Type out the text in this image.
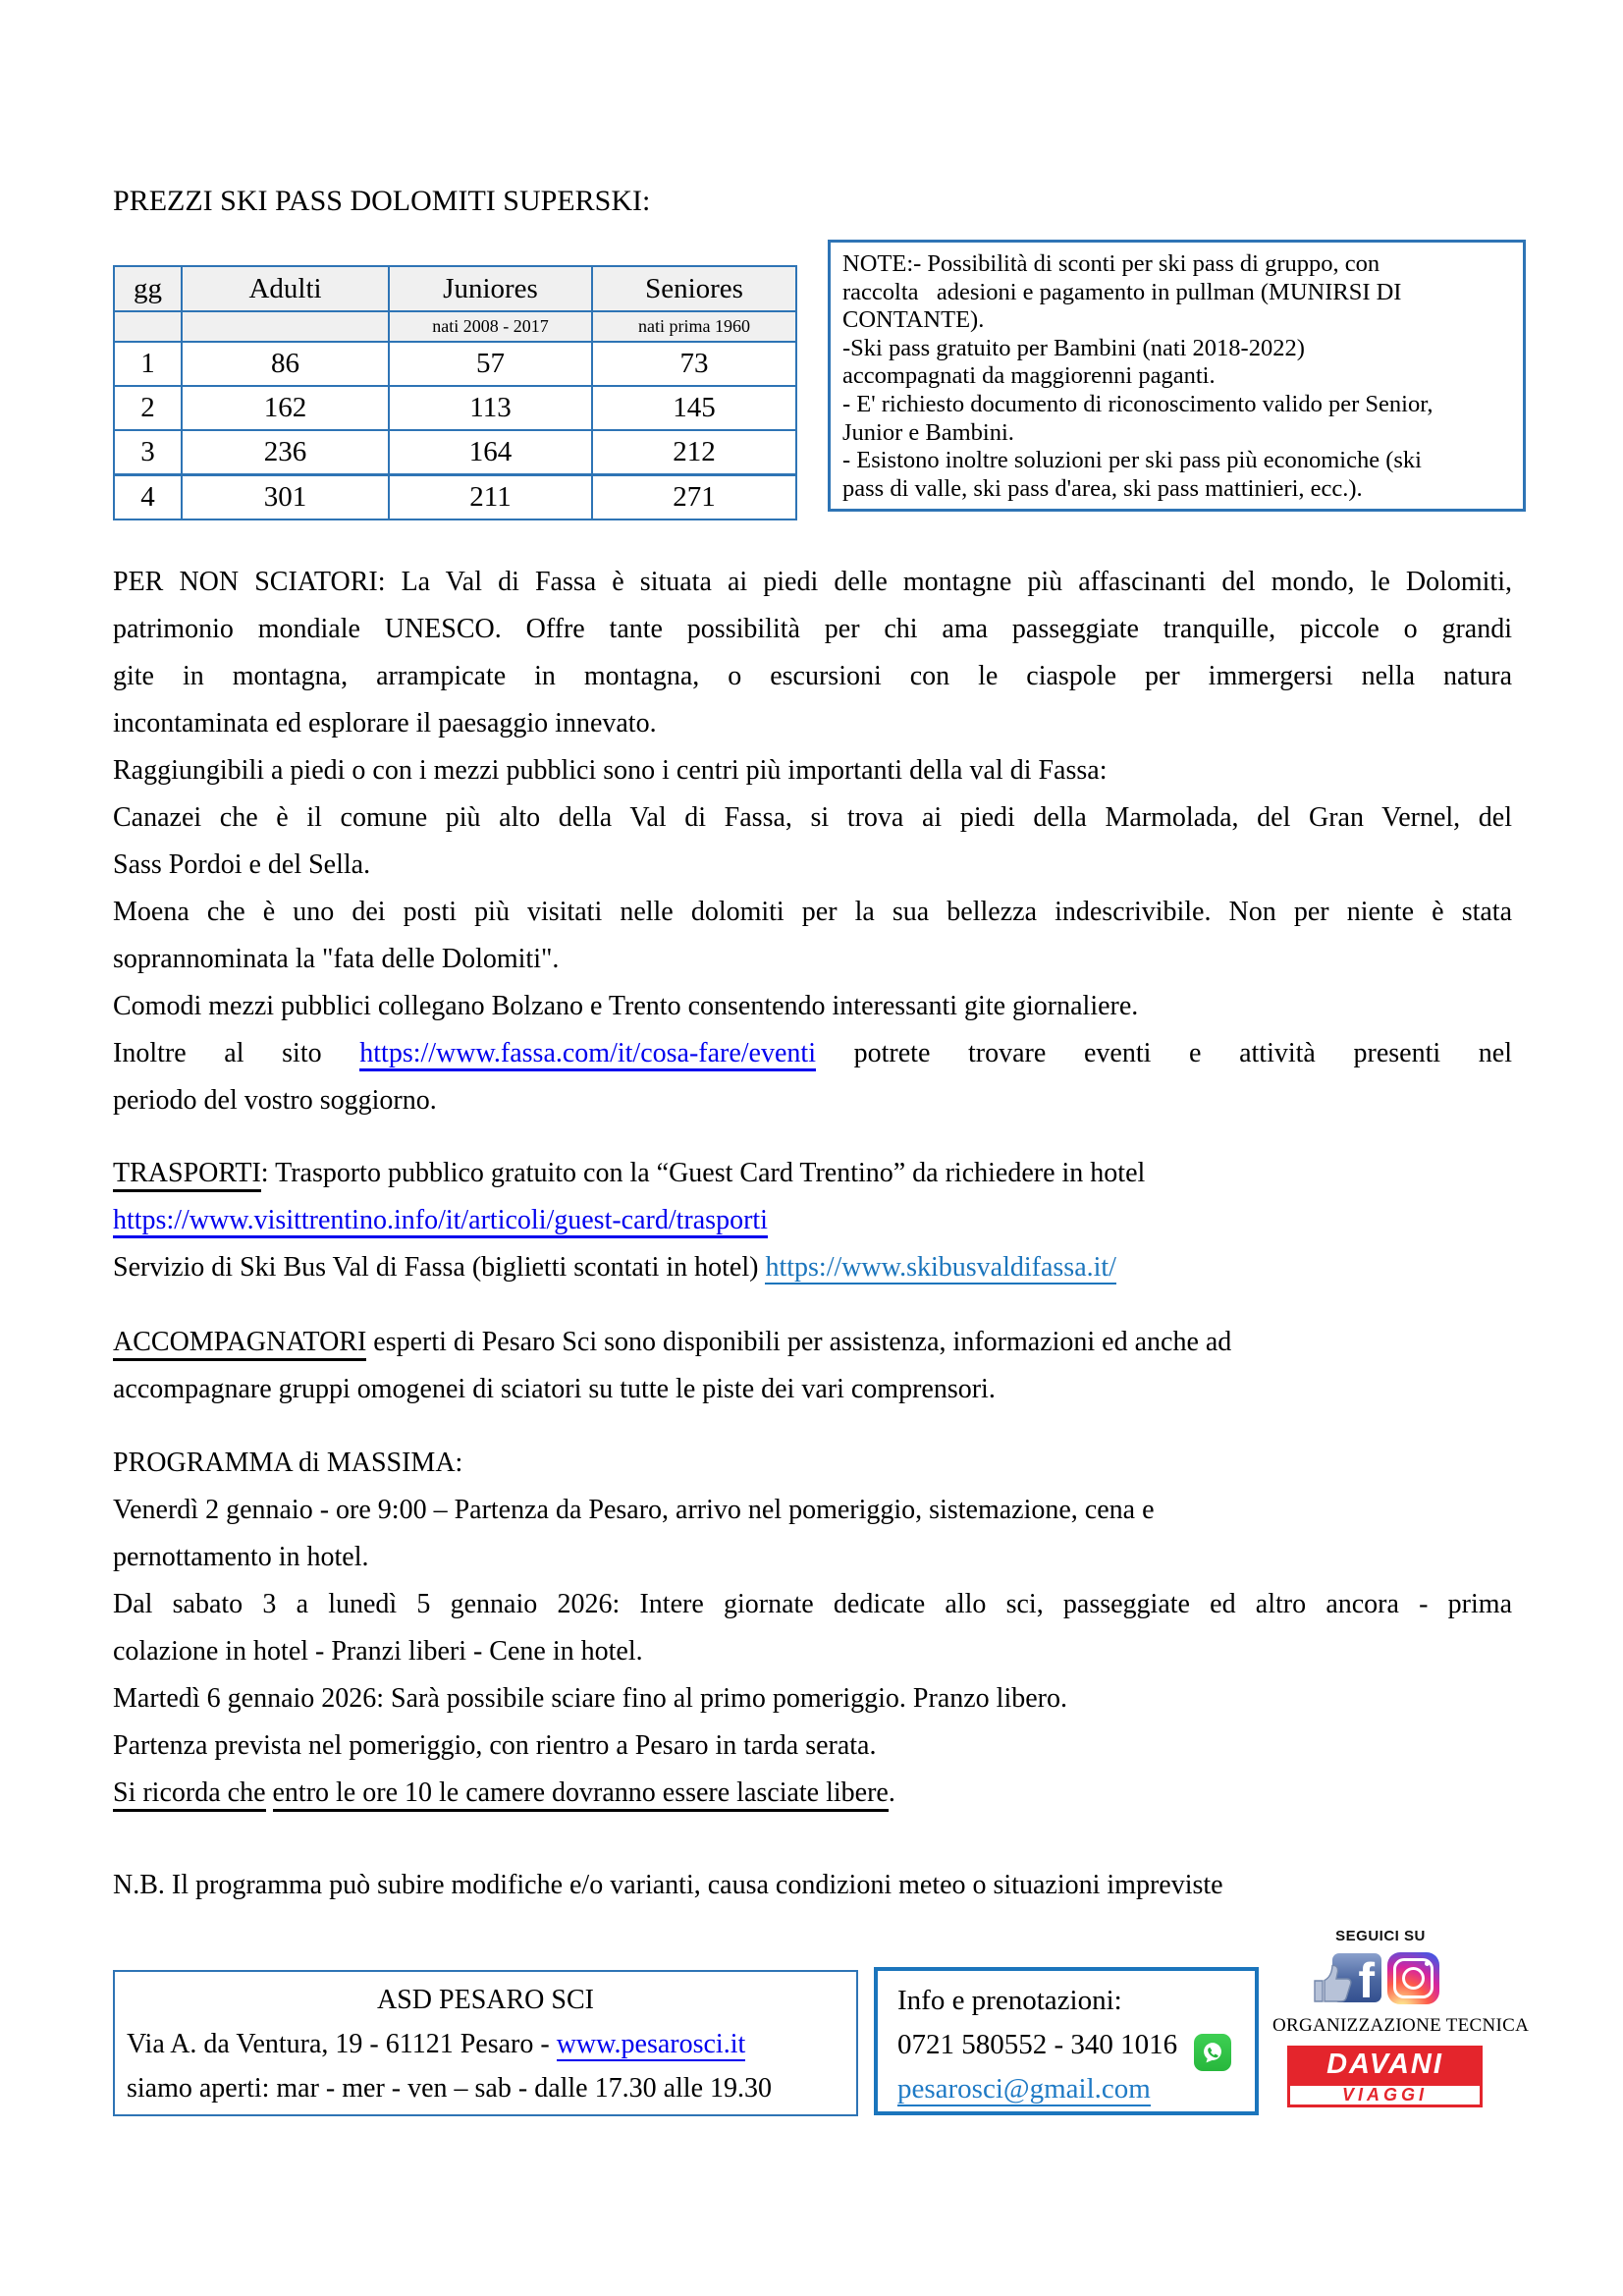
PREZZI SKI PASS DOLOMITI SUPERSKI:
gg	Adulti	Juniores	Seniores
		nati 2008 - 2017	nati prima 1960
1	86	57	73
2	162	113	145
3	236	164	212
4	301	211	271
NOTE:- Possibilità di sconti per ski pass di gruppo, con
raccolta   adesioni e pagamento in pullman (MUNIRSI DI
CONTANTE).
-Ski pass gratuito per Bambini (nati 2018-2022)
accompagnati da maggiorenni paganti.
- E' richiesto documento di riconoscimento valido per Senior,
Junior e Bambini.
- Esistono inoltre soluzioni per ski pass più economiche (ski
pass di valle, ski pass d'area, ski pass mattinieri, ecc.).
PER NON SCIATORI: La Val di Fassa è situata ai piedi delle montagne più affascinanti del mondo, le Dolomiti,
patrimonio mondiale UNESCO. Offre tante possibilità per chi ama passeggiate tranquille, piccole o grandi
gite in montagna, arrampicate in montagna, o escursioni con le ciaspole per immergersi nella natura
incontaminata ed esplorare il paesaggio innevato.
Raggiungibili a piedi o con i mezzi pubblici sono i centri più importanti della val di Fassa:
Canazei che è il comune più alto della Val di Fassa, si trova ai piedi della Marmolada, del Gran Vernel, del
Sass Pordoi e del Sella.
Moena che è uno dei posti più visitati nelle dolomiti per la sua bellezza indescrivibile. Non per niente è stata
soprannominata la "fata delle Dolomiti".
Comodi mezzi pubblici collegano Bolzano e Trento consentendo interessanti gite giornaliere.
Inoltre al sito https://www.fassa.com/it/cosa-fare/eventi potrete trovare eventi e attività presenti nel
periodo del vostro soggiorno.
TRASPORTI: Trasporto pubblico gratuito con la “Guest Card Trentino” da richiedere in hotel
https://www.visittrentino.info/it/articoli/guest-card/trasporti
Servizio di Ski Bus Val di Fassa (biglietti scontati in hotel) https://www.skibusvaldifassa.it/
ACCOMPAGNATORI esperti di Pesaro Sci sono disponibili per assistenza, informazioni ed anche ad
accompagnare gruppi omogenei di sciatori su tutte le piste dei vari comprensori.
PROGRAMMA di MASSIMA:
Venerdì 2 gennaio - ore 9:00 – Partenza da Pesaro, arrivo nel pomeriggio, sistemazione, cena e
pernottamento in hotel.
Dal sabato 3 a lunedì 5 gennaio 2026: Intere giornate dedicate allo sci, passeggiate ed altro ancora - prima
colazione in hotel - Pranzi liberi - Cene in hotel.
Martedì 6 gennaio 2026: Sarà possibile sciare fino al primo pomeriggio. Pranzo libero.
Partenza prevista nel pomeriggio, con rientro a Pesaro in tarda serata.
Si ricorda che entro le ore 10 le camere dovranno essere lasciate libere.
N.B. Il programma può subire modifiche e/o varianti, causa condizioni meteo o situazioni impreviste
ASD PESARO SCI
Via A. da Ventura, 19 - 61121 Pesaro - www.pesarosci.it
siamo aperti: mar - mer - ven – sab - dalle 17.30 alle 19.30
Info e prenotazioni:
0721 580552 - 340 1016
pesarosci@gmail.com
SEGUICI SU
f
ORGANIZZAZIONE TECNICA
DAVANI
VIAGGI
